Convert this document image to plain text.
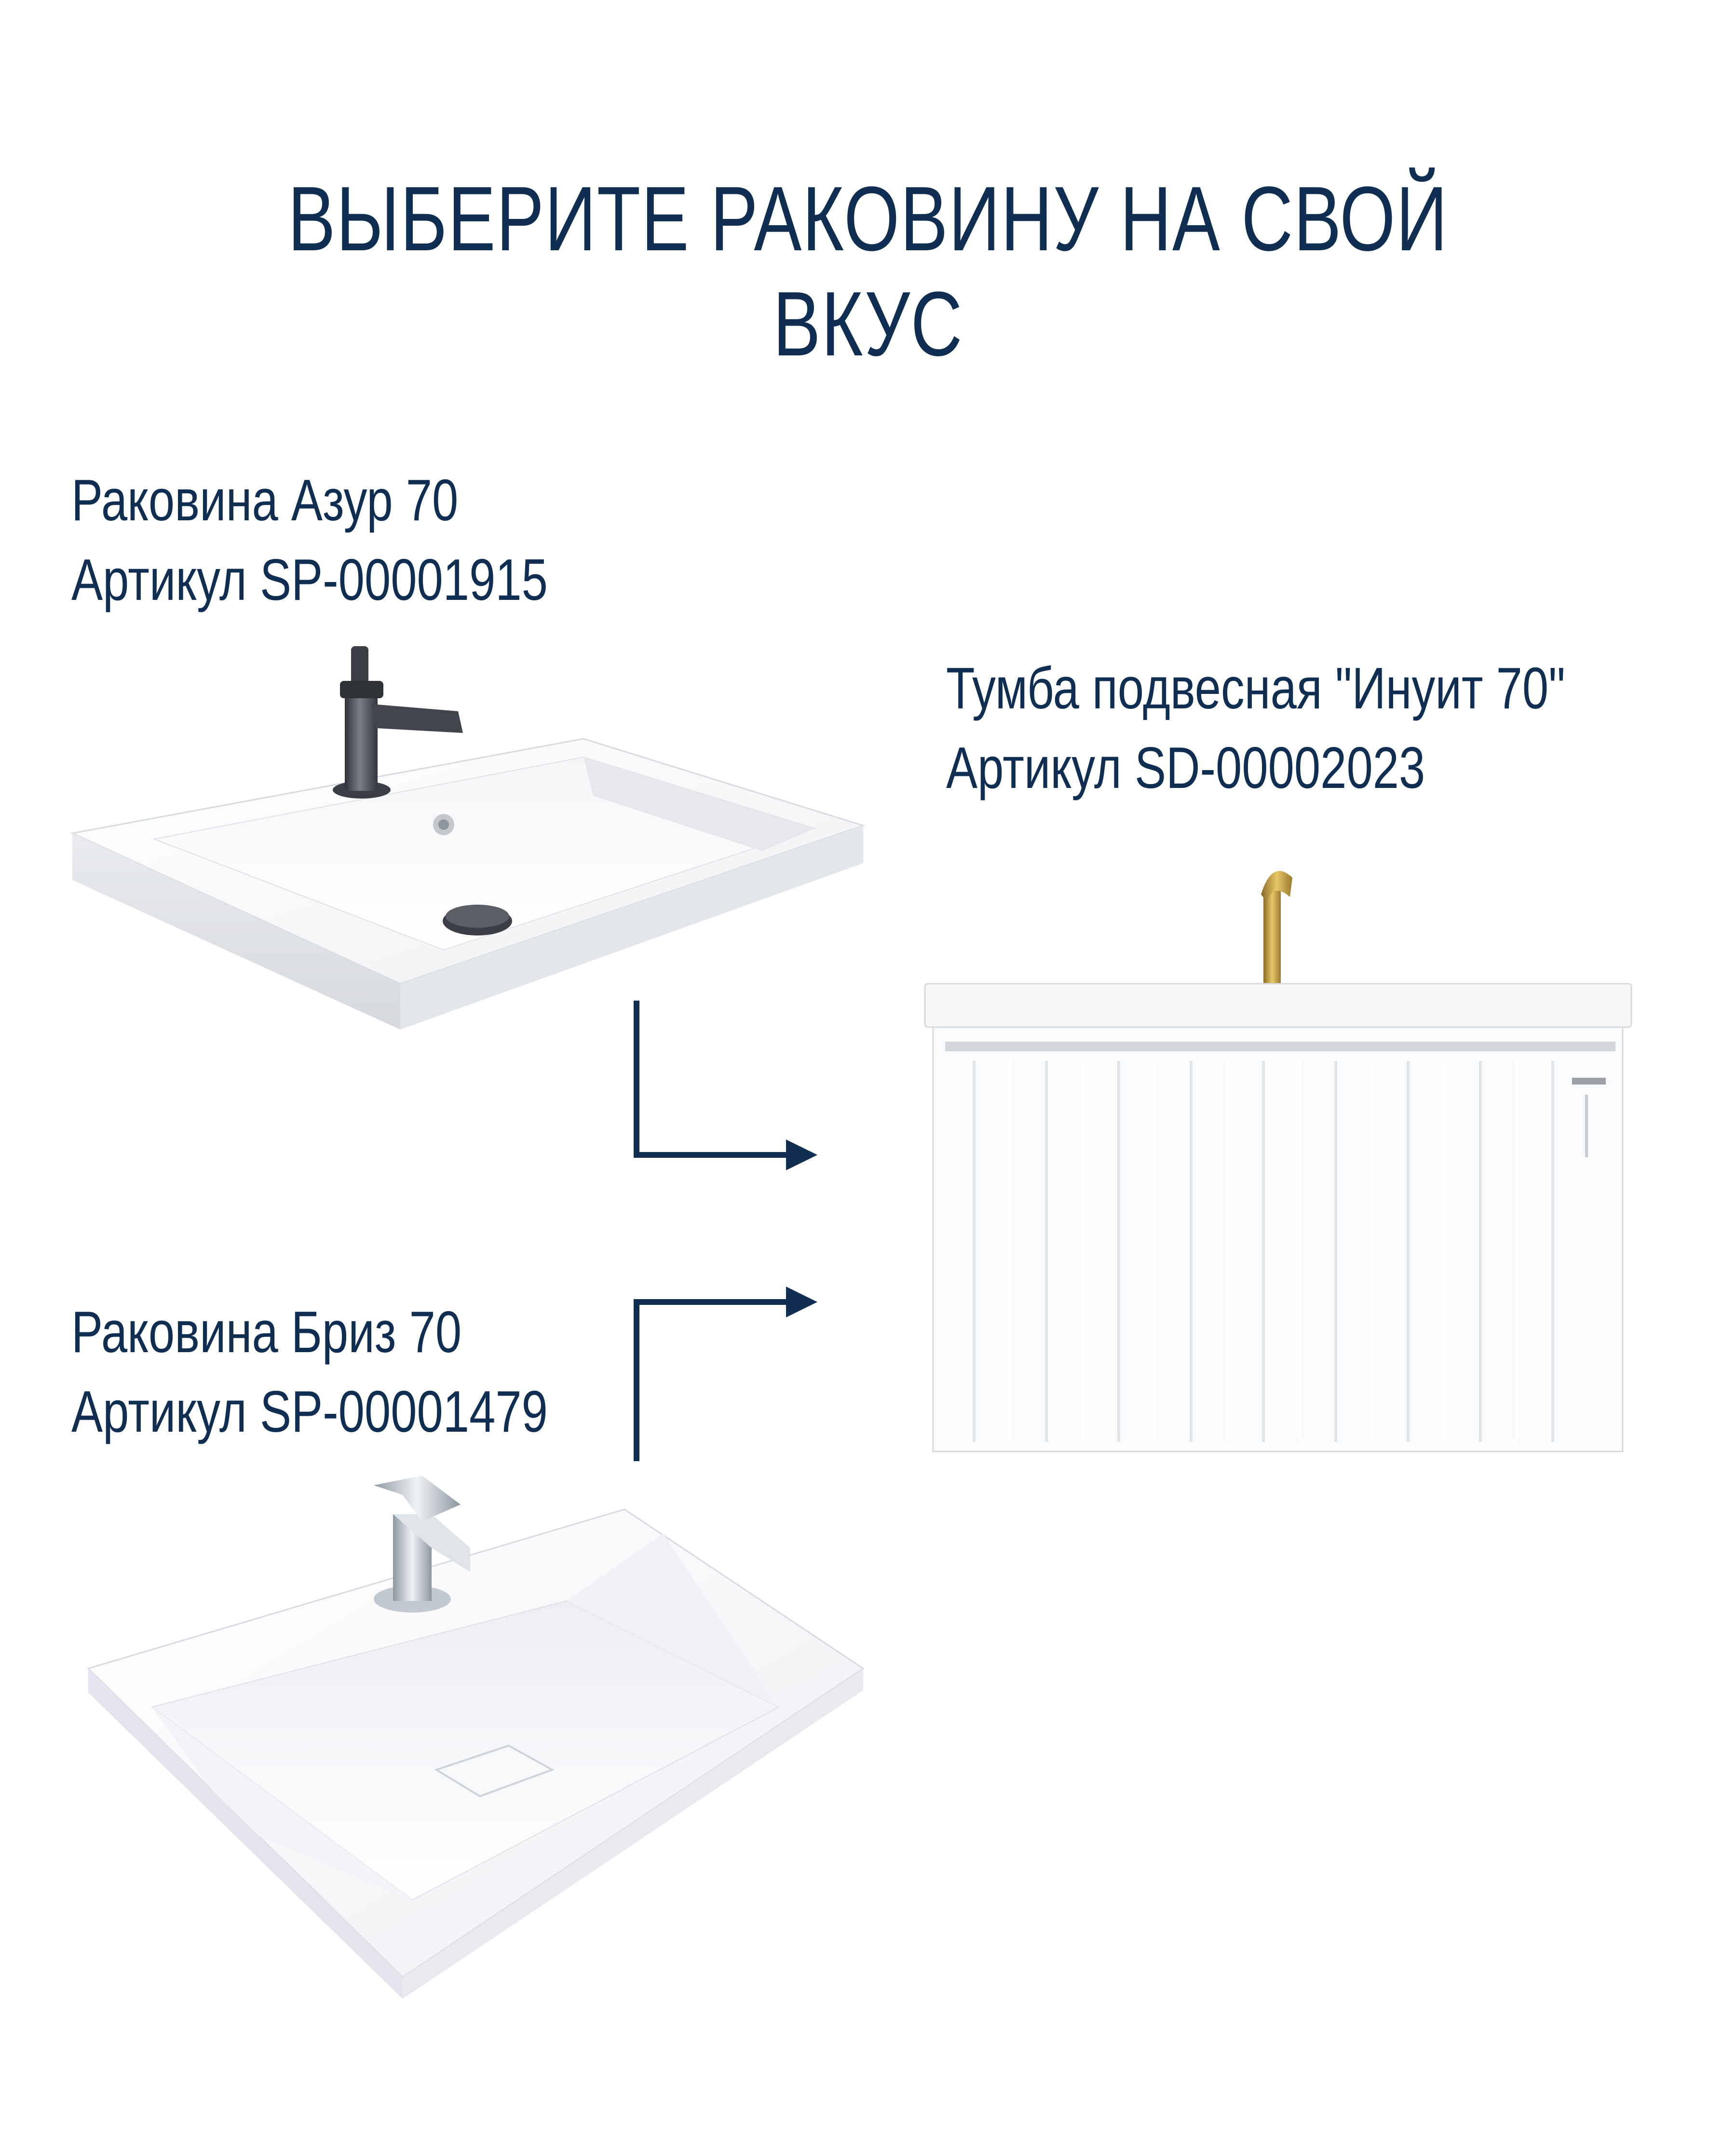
ВЫБЕРИТЕ РАКОВИНУ НА СВОЙ ВКУС
Раковина Азур 70
Артикул SP-00001915
Тумба подвесная "Инуит 70"
Артикул SD-00002023
Раковина Бриз 70
Артикул SP-00001479
